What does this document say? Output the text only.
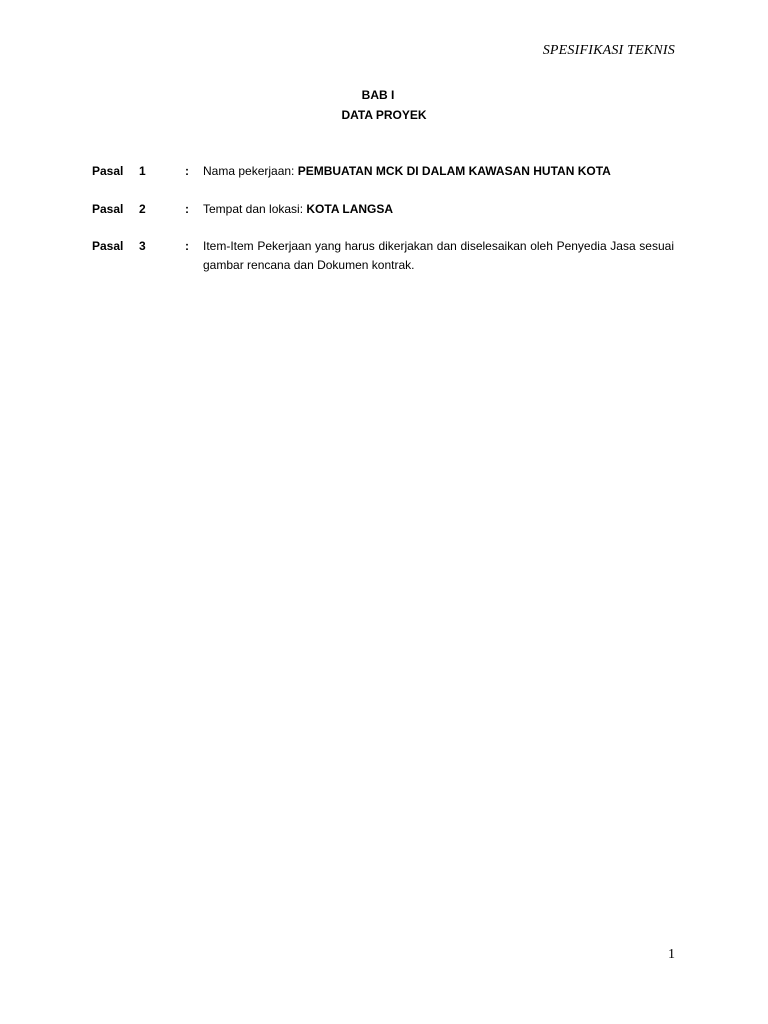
SPESIFIKASI TEKNIS
BAB I
DATA PROYEK
Pasal 1	: Nama pekerjaan: PEMBUATAN MCK DI DALAM KAWASAN HUTAN KOTA
Pasal 2	: Tempat dan lokasi: KOTA LANGSA
Pasal 3	: Item-Item Pekerjaan yang harus dikerjakan dan diselesaikan oleh Penyedia Jasa sesuai gambar rencana dan Dokumen kontrak.
1
